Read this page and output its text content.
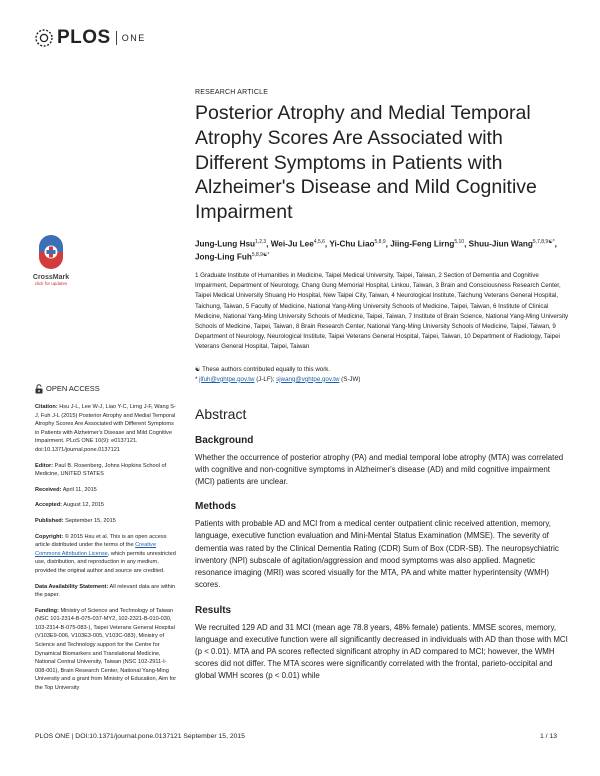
PLOS ONE
CrossMark
click for updates
OPEN ACCESS
Citation: Hsu J-L, Lee W-J, Liao Y-C, Lirng J-F, Wang S-J, Fuh J-L (2015) Posterior Atrophy and Medial Temporal Atrophy Scores Are Associated with Different Symptoms in Patients with Alzheimer's Disease and Mild Cognitive Impairment. PLoS ONE 10(9): e0137121. doi:10.1371/journal.pone.0137121
Editor: Paul B. Rosenberg, Johns Hopkins School of Medicine, UNITED STATES
Received: April 11, 2015
Accepted: August 12, 2015
Published: September 15, 2015
Copyright: © 2015 Hsu et al. This is an open access article distributed under the terms of the Creative Commons Attribution License, which permits unrestricted use, distribution, and reproduction in any medium, provided the original author and source are credited.
Data Availability Statement: All relevant data are within the paper.
Funding: Ministry of Science and Technology of Taiwan (NSC 101-2314-B-075-037-MY2, 102-2321-B-010-030, 103-2314-B-075-083-), Taipei Veterans General Hospital (V103E9-006, V103E3-005, V103C-083), Ministry of Science and Technology support for the Centre for Dynamical Biomarkers and Translational Medicine, National Central University, Taiwan (NSC 102-2911-I-008-001), Brain Research Center, National Yang-Ming University and a grant from Ministry of Education, Aim for the Top University
RESEARCH ARTICLE
Posterior Atrophy and Medial Temporal Atrophy Scores Are Associated with Different Symptoms in Patients with Alzheimer's Disease and Mild Cognitive Impairment
Jung-Lung Hsu$^{1,2,3}$, Wei-Ju Lee$^{4,5,6}$, Yi-Chu Liao$^{5,8,9}$, Jiing-Feng Lirng$^{5,10}$, Shuu-Jiun Wang$^{5,7,8,9☯*}$, Jong-Ling Fuh$^{5,8,9☯*}$
1 Graduate Institute of Humanities in Medicine, Taipei Medical University, Taipei, Taiwan, 2 Section of Dementia and Cognitive Impairment, Department of Neurology, Chang Gung Memorial Hospital, Linkou, Taiwan, 3 Brain and Consciousness Research Center, Taipei Medical University Shuang Ho Hospital, New Taipei City, Taiwan, 4 Neurological Institute, Taichung Veterans General Hospital, Taichung, Taiwan, 5 Faculty of Medicine, National Yang-Ming University Schools of Medicine, Taipei, Taiwan, 6 Institute of Clinical Medicine, National Yang-Ming University Schools of Medicine, Taipei, Taiwan, 7 Institute of Brain Science, National Yang-Ming University Schools of Medicine, Taipei, Taiwan, 8 Brain Research Center, National Yang-Ming University Schools of Medicine, Taipei, Taiwan, 9 Department of Neurology, Neurological Institute, Taipei Veterans General Hospital, Taipei, Taiwan, 10 Department of Radiology, Taipei Veterans General Hospital, Taipei, Taiwan
☯ These authors contributed equally to this work.
* jlfuh@vghtpe.gov.tw (J-LF); sjwang@vghtpe.gov.tw (S-JW)
Abstract
Background
Whether the occurrence of posterior atrophy (PA) and medial temporal lobe atrophy (MTA) was correlated with cognitive and non-cognitive symptoms in Alzheimer's disease (AD) and mild cognitive impairment (MCI) patients are unclear.
Methods
Patients with probable AD and MCI from a medical center outpatient clinic received attention, memory, language, executive function evaluation and Mini-Mental Status Examination (MMSE). The severity of dementia was rated by the Clinical Dementia Rating (CDR) Sum of Box (CDR-SB). The neuropsychiatric inventory (NPI) subscale of agitation/aggression and mood symptoms was also applied. Magnetic resonance imaging (MRI) was scored visually for the MTA, PA and white matter hyperintensity (WMH) scores.
Results
We recruited 129 AD and 31 MCI (mean age 78.8 years, 48% female) patients. MMSE scores, memory, language and executive function were all significantly decreased in individuals with AD than those with MCI (p < 0.01). MTA and PA scores reflected significant atrophy in AD compared to MCI; however, the WMH scores did not differ. The MTA scores were significantly correlated with the frontal, parieto-occipital and global WMH scores (p < 0.01) while
PLOS ONE | DOI:10.1371/journal.pone.0137121 September 15, 2015	1 / 13
